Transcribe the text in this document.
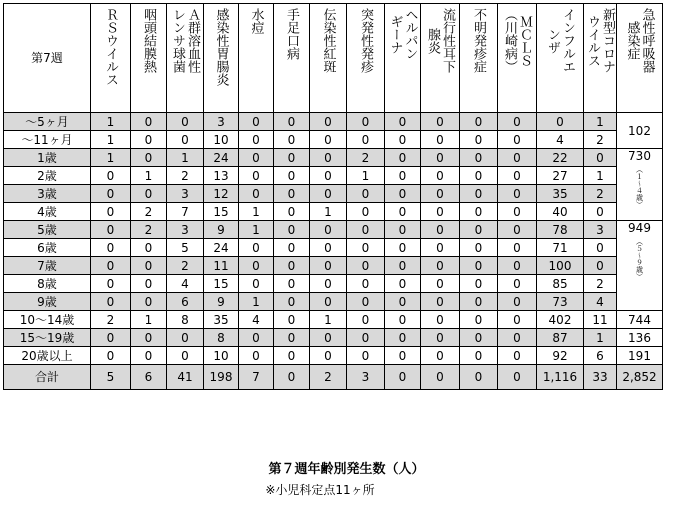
第7週	ＲＳウイルス	咽頭結膜熱	Ａ群溶血性
レンサ球菌	感染性胃腸炎	水痘	手足口病	伝染性紅斑	突発性発疹	ヘルパン
ギーナ	流行性耳下
腺炎	不明発疹症	ＭＣＬＳ
（川崎病）	インフルエ
ンザ	新型コロナ
ウイルス	急性呼吸器
感染症
～5ヶ月	1	0	0	3	0	0	0	0	0	0	0	0	0	1	102

～11ヶ月	1	0	0	10	0	0	0	0	0	0	0	0	4	2	
1歳	1	0	1	24	0	0	0	2	0	0	0	0	22	0	730
（１～４歳）
2歳	0	1	2	13	0	0	0	1	0	0	0	0	27	1	
3歳	0	0	3	12	0	0	0	0	0	0	0	0	35	2	
4歳	0	2	7	15	1	0	1	0	0	0	0	0	40	0	
5歳	0	2	3	9	1	0	0	0	0	0	0	0	78	3	949
（５～９歳）
6歳	0	0	5	24	0	0	0	0	0	0	0	0	71	0	
7歳	0	0	2	11	0	0	0	0	0	0	0	0	100	0	
8歳	0	0	4	15	0	0	0	0	0	0	0	0	85	2	
9歳	0	0	6	9	1	0	0	0	0	0	0	0	73	4	
10～14歳	2	1	8	35	4	0	1	0	0	0	0	0	402	11	744

15～19歳	0	0	0	8	0	0	0	0	0	0	0	0	87	1	136

20歳以上	0	0	0	10	0	0	0	0	0	0	0	0	92	6	191

合計	5	6	41	198	7	0	2	3	0	0	0	0	1,116	33	2,852
第７週年齢別発生数（人）
※小児科定点11ヶ所
